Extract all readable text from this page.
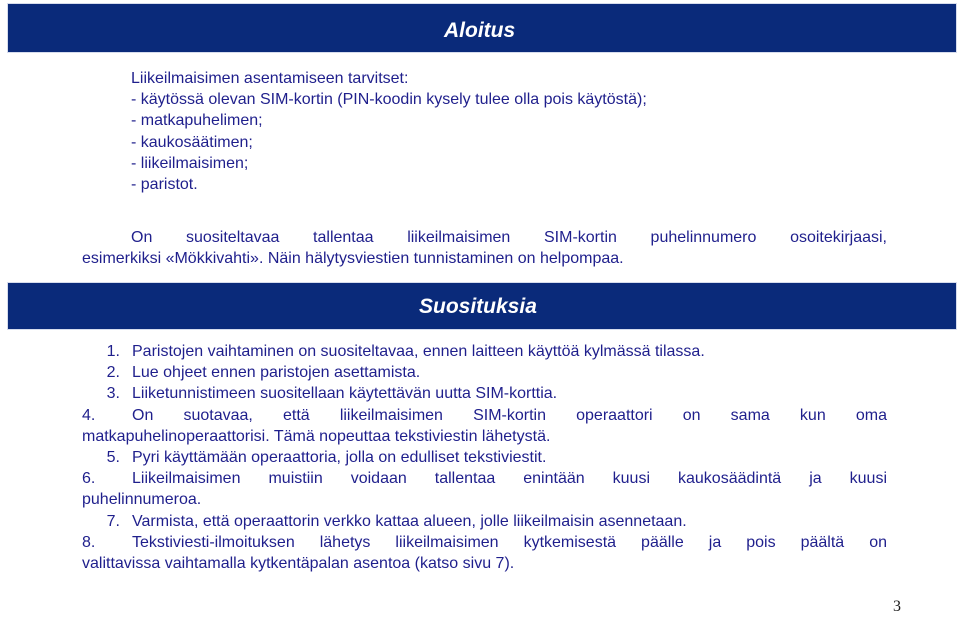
Aloitus
Liikeilmaisimen asentamiseen tarvitset:
- käytössä olevan SIM-kortin (PIN-koodin kysely tulee olla pois käytöstä);
- matkapuhelimen;
- kaukosäätimen;
- liikeilmaisimen;
- paristot.
On suositeltavaa tallentaa liikeilmaisimen SIM-kortin puhelinnumero osoitekirjaasi,
esimerkiksi «Mökkivahti». Näin hälytysviestien tunnistaminen on helpompaa.
Suosituksia
1. Paristojen vaihtaminen on suositeltavaa, ennen laitteen käyttöä kylmässä tilassa.
2. Lue ohjeet ennen paristojen asettamista.
3. Liiketunnistimeen suositellaan käytettävän uutta SIM-korttia.
4. On suotavaa, että liikeilmaisimen SIM-kortin operaattori on sama kun oma
matkapuhelinoperaattorisi. Tämä nopeuttaa tekstiviestin lähetystä.
5. Pyri käyttämään operaattoria, jolla on edulliset tekstiviestit.
6. Liikeilmaisimen muistiin voidaan tallentaa enintään kuusi kaukosäädintä ja kuusi
puhelinnumeroa.
7. Varmista, että operaattorin verkko kattaa alueen, jolle liikeilmaisin asennetaan.
8. Tekstiviesti-ilmoituksen lähetys liikeilmaisimen kytkemisestä päälle ja pois päältä on
valittavissa vaihtamalla kytkentäpalan asentoa (katso sivu 7).
3
